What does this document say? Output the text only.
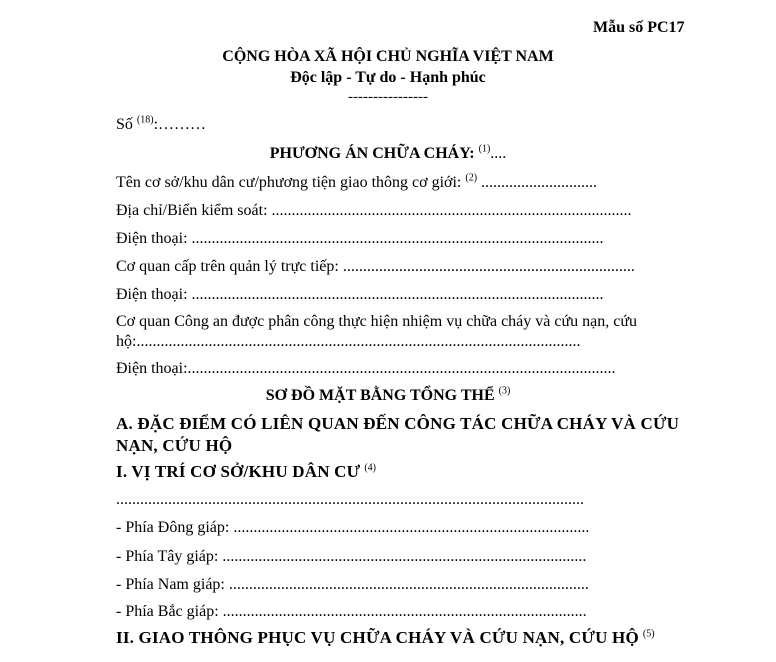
Mẫu số PC17
CỘNG HÒA XÃ HỘI CHỦ NGHĨA VIỆT NAM
Độc lập - Tự do - Hạnh phúc
----------------
Số $^{(18)}$:………
PHƯƠNG ÁN CHỮA CHÁY: $^{(1)}$....
Tên cơ sở/khu dân cư/phương tiện giao thông cơ giới: $^{(2)}$ .............................
Địa chỉ/Biển kiểm soát: ..........................................................................................
Điện thoại: .......................................................................................................
Cơ quan cấp trên quản lý trực tiếp: .........................................................................
Điện thoại: .......................................................................................................
Cơ quan Công an được phân công thực hiện nhiệm vụ chữa cháy và cứu nạn, cứu
hộ:...............................................................................................................
Điện thoại:...........................................................................................................
SƠ ĐỒ MẶT BẰNG TỔNG THỂ $^{(3)}$
A. ĐẶC ĐIỂM CÓ LIÊN QUAN ĐẾN CÔNG TÁC CHỮA CHÁY VÀ CỨU
NẠN, CỨU HỘ
I. VỊ TRÍ CƠ SỞ/KHU DÂN CƯ $^{(4)}$
.....................................................................................................................
- Phía Đông giáp: .........................................................................................
- Phía Tây giáp: ...........................................................................................
- Phía Nam giáp: ..........................................................................................
- Phía Bắc giáp: ...........................................................................................
II. GIAO THÔNG PHỤC VỤ CHỮA CHÁY VÀ CỨU NẠN, CỨU HỘ $^{(5)}$
